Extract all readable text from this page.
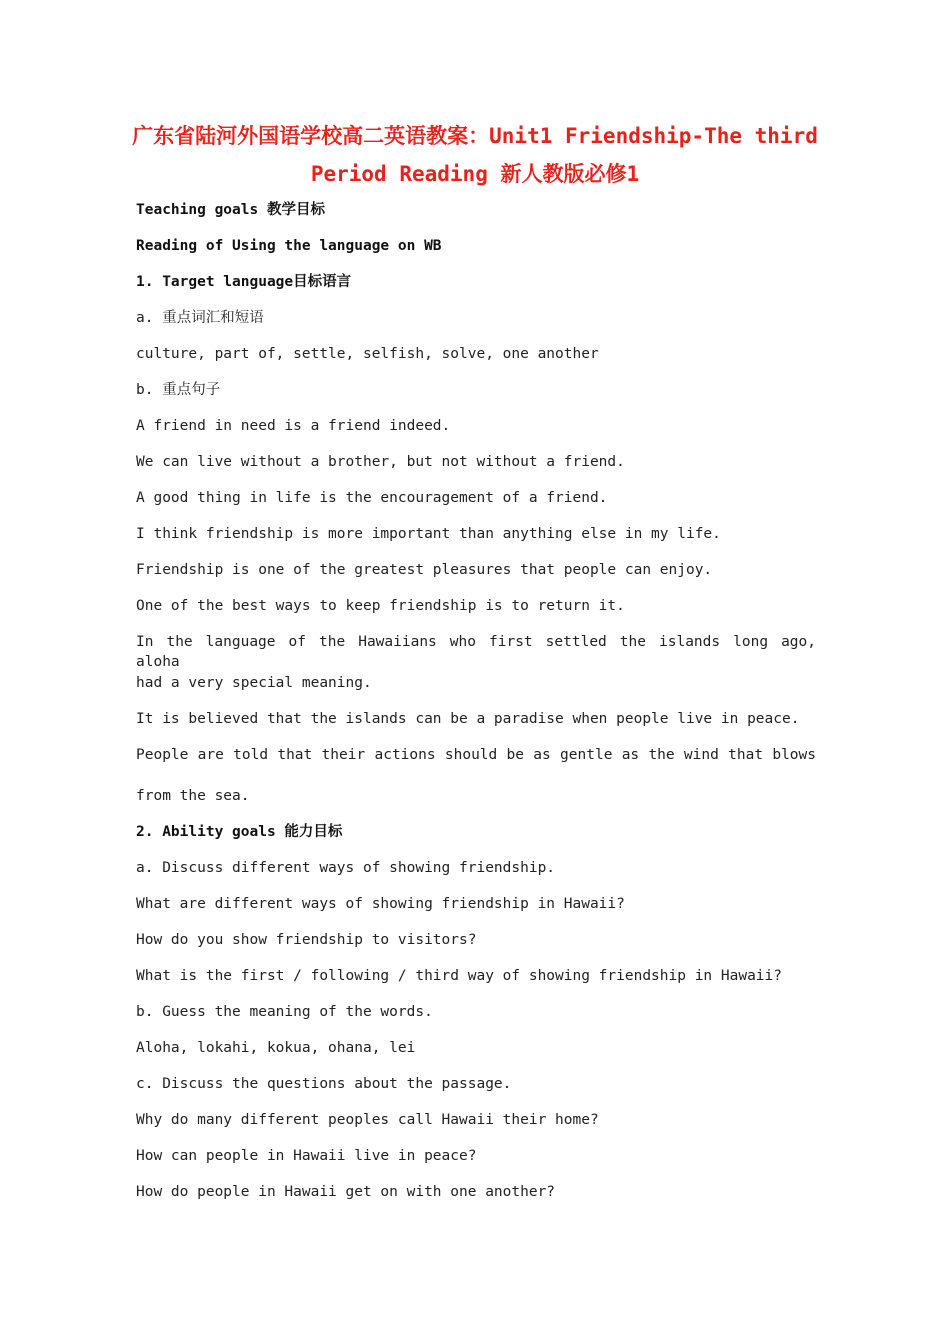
广东省陆河外国语学校高二英语教案：Unit1 Friendship-The third
Period Reading 新人教版必修1
Teaching goals 教学目标
Reading of Using the language on WB
1. Target language目标语言
a. 重点词汇和短语
culture, part of, settle, selfish, solve, one another
b. 重点句子
A friend in need is a friend indeed.
We can live without a brother, but not without a friend.
A good thing in life is the encouragement of a friend.
I think friendship is more important than anything else in my life.
Friendship is one of the greatest pleasures that people can enjoy.
One of the best ways to keep friendship is to return it.
In the language of the Hawaiians who first settled the islands long ago, aloha
had a very special meaning.
It is believed that the islands can be a paradise when people live in peace.
People are told that their actions should be as gentle as the wind that blows
from the sea.
2. Ability goals 能力目标
a. Discuss different ways of showing friendship.
What are different ways of showing friendship in Hawaii?
How do you show friendship to visitors?
What is the first / following / third way of showing friendship in Hawaii?
b. Guess the meaning of the words.
Aloha, lokahi, kokua, ohana, lei
c. Discuss the questions about the passage.
Why do many different peoples call Hawaii their home?
How can people in Hawaii live in peace?
How do people in Hawaii get on with one another?
